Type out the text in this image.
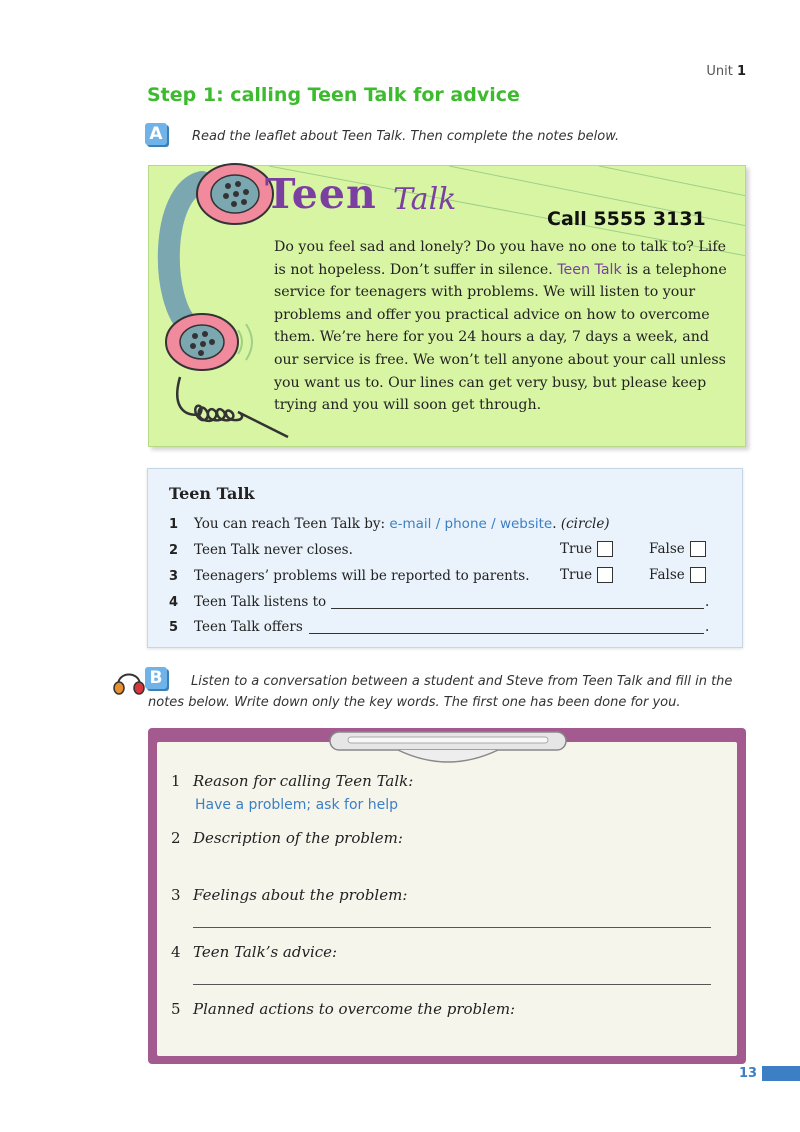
Unit 1
Step 1: calling Teen Talk for advice
A	Read the leaflet about Teen Talk. Then complete the notes below.
Teen Talk
Call 5555 3131
Do you feel sad and lonely? Do you have no one to talk to? Life is not hopeless. Don’t suffer in silence. Teen Talk is a telephone service for teenagers with problems. We will listen to your problems and offer you practical advice on how to overcome them. We’re here for you 24 hours a day, 7 days a week, and our service is free. We won’t tell anyone about your call unless you want us to. Our lines can get very busy, but please keep trying and you will soon get through.
Teen Talk
1 You can reach Teen Talk by: e-mail / phone / website. (circle)
2 Teen Talk never closes.	True	False
3 Teenagers’ problems will be reported to parents. True	False
4 Teen Talk listens to	.
5 Teen Talk offers	.
B	Listen to a conversation between a student and Steve from Teen Talk and fill in the notes below. Write down only the key words. The first one has been done for you.
1 Reason for calling Teen Talk:
Have a problem; ask for help
2 Description of the problem:
3 Feelings about the problem:
4 Teen Talk’s advice:
5 Planned actions to overcome the problem:
13
